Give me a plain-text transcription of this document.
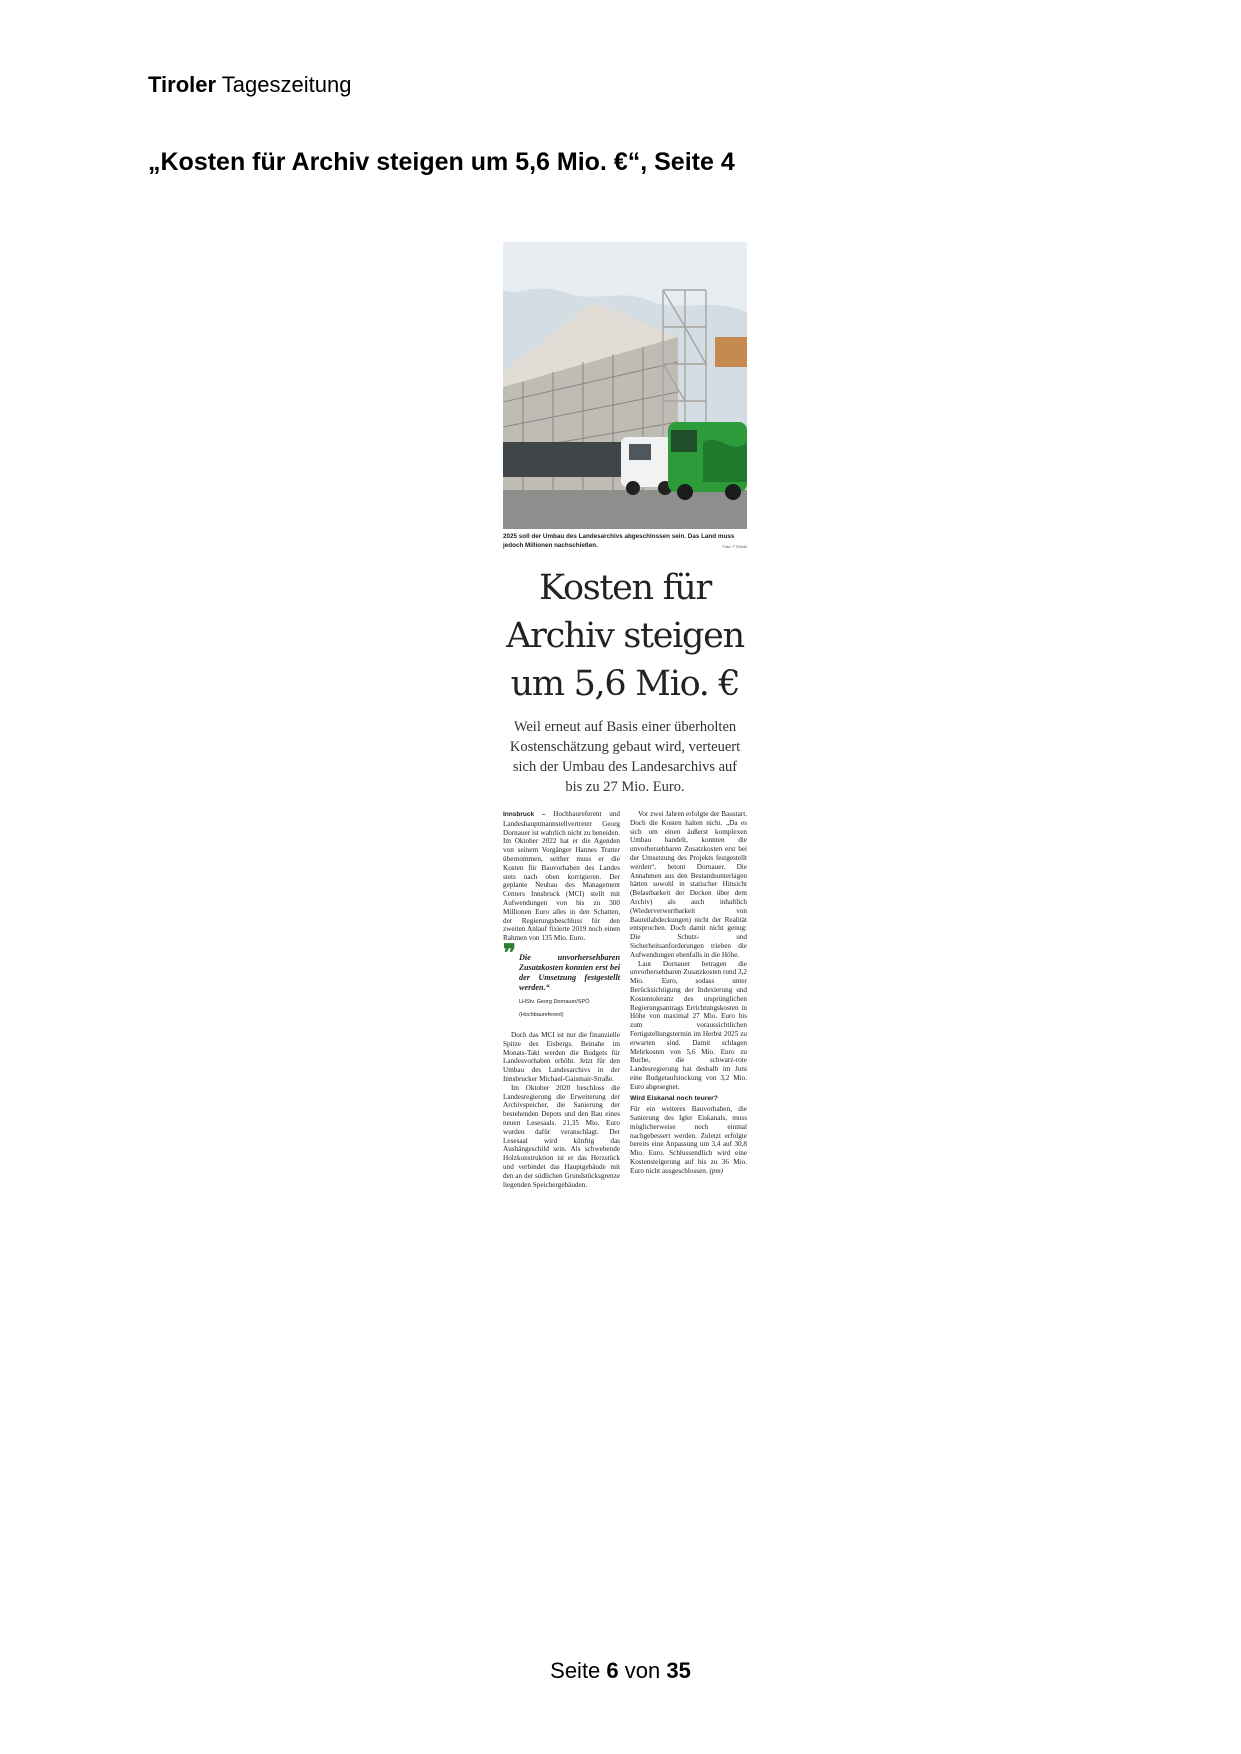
Tiroler Tageszeitung
„Kosten für Archiv steigen um 5,6 Mio. €“, Seite 4
2025 soll der Umbau des Landesarchivs abgeschlossen sein. Das Land muss jedoch Millionen nachschießen.	Foto: TT/Gebl
Kosten für Archiv steigen um 5,6 Mio. €
Weil erneut auf Basis einer überholten Kostenschätzung gebaut wird, verteuert sich der Umbau des Landesarchivs auf bis zu 27 Mio. Euro.

Innsbruck – Hochbaureferent und Landeshauptmannstellvertreter Georg Dornauer ist wahrlich nicht zu beneiden. Im Oktober 2022 hat er die Agenden von seinem Vorgänger Hannes Tratter übernommen, seither muss er die Kosten für Bauvorhaben des Landes stets nach oben korrigieren. Der geplante Neubau des Management Centers Innsbruck (MCI) stellt mit Aufwendungen von bis zu 300 Millionen Euro alles in den Schatten, der Regierungsbeschluss für den zweiten Anlauf fixierte 2019 noch einen Rahmen von 135 Mio. Euro.

❞ Die unvorhersehbaren Zusatzkosten konnten erst bei der Umsetzung festgestellt werden.“
LHStv. Georg Dornauer/SPÖ
(Hochbaureferent)

Doch das MCI ist nur die finanzielle Spitze des Eisbergs. Beinahe im Monats-Takt werden die Budgets für Landesvorhaben erhöht. Jetzt für den Umbau des Landesarchivs in der Innsbrucker Michael-Gaismair-Straße.

Im Oktober 2020 beschloss die Landesregierung die Erweiterung der Archivspeicher, die Sanierung der bestehenden Depots und den Bau eines neuen Lesesaals. 21,35 Mio. Euro wurden dafür veranschlagt. Der Lesesaal wird künftig das Aushängeschild sein. Als schwebende Holzkonstruktion ist er das Herzstück und verbindet das Hauptgebäude mit den an der südlichen Grundstücksgrenze liegenden Speichergebäuden.

Vor zwei Jahren erfolgte der Baustart. Doch die Kosten halten nicht. „Da es sich um einen äußerst komplexen Umbau handelt, konnten die unvorhersehbaren Zusatzkosten erst bei der Umsetzung des Projekts festgestellt werden“, betont Dornauer. Die Annahmen aus den Bestandsunterlagen hätten sowohl in statischer Hinsicht (Belastbarkeit der Decken über dem Archiv) als auch inhaltlich (Wiederverwertbarkeit von Bauteilabdeckungen) nicht der Realität entsprochen. Doch damit nicht genug: Die Schutz- und Sicherheitsanforderungen trieben die Aufwendungen ebenfalls in die Höhe.

Laut Dornauer betragen die unvorhersehbaren Zusatzkosten rund 3,2 Mio. Euro, sodass unter Berücksichtigung der Indexierung und Kostentoleranz des ursprünglichen Regierungsantrags Errichtungskosten in Höhe von maximal 27 Mio. Euro bis zum voraussichtlichen Fertigstellungstermin im Herbst 2025 zu erwarten sind. Damit schlagen Mehrkosten von 5,6 Mio. Euro zu Buche, die schwarz-rote Landesregierung hat deshalb im Juni eine Budgetaufstockung von 3,2 Mio. Euro abgesegnet.

Wird Eiskanal noch teurer?

Für ein weiteres Bauvorhaben, die Sanierung des Igler Eiskanals, muss möglicherweise noch einmal nachgebessert werden. Zuletzt erfolgte bereits eine Anpassung um 3,4 auf 30,8 Mio. Euro. Schlussendlich wird eine Kostensteigerung auf bis zu 36 Mio. Euro nicht ausgeschlossen. (pm)

Seite 6 von 35
